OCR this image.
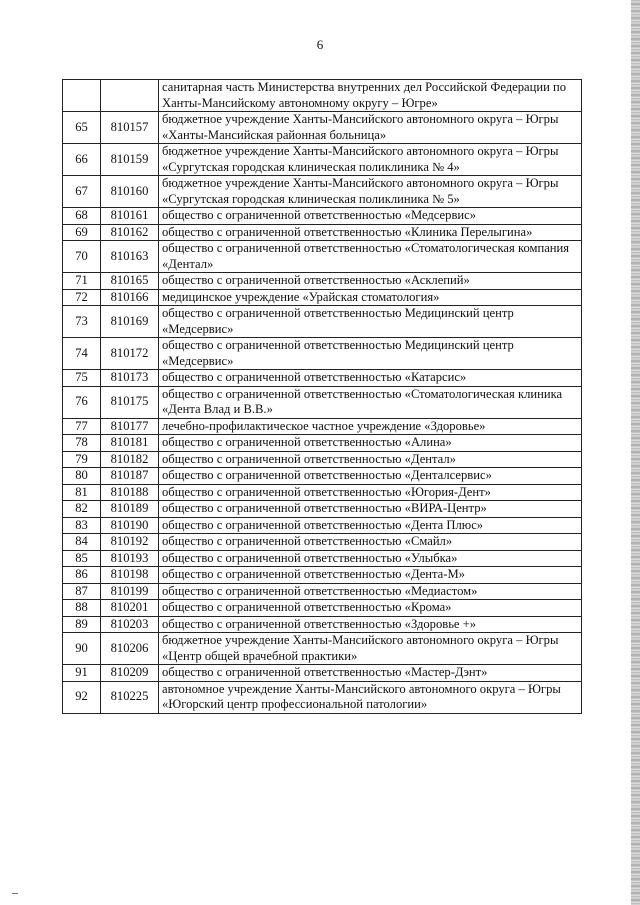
6
		санитарная часть Министерства внутренних дел Российской Федерации по Ханты-Мансийскому автономному округу – Югре»
65	810157	бюджетное учреждение Ханты-Мансийского автономного округа – Югры «Ханты-Мансийская районная больница»
66	810159	бюджетное учреждение Ханты-Мансийского автономного округа – Югры «Сургутская городская клиническая поликлиника № 4»
67	810160	бюджетное учреждение Ханты-Мансийского автономного округа – Югры «Сургутская городская клиническая поликлиника № 5»
68	810161	общество с ограниченной ответственностью «Медсервис»
69	810162	общество с ограниченной ответственностью «Клиника Перелыгина»
70	810163	общество с ограниченной ответственностью «Стоматологическая компания «Дентал»
71	810165	общество с ограниченной ответственностью «Асклепий»
72	810166	медицинское учреждение «Урайская стоматология»
73	810169	общество с ограниченной ответственностью Медицинский центр «Медсервис»
74	810172	общество с ограниченной ответственностью Медицинский центр «Медсервис»
75	810173	общество с ограниченной ответственностью «Катарсис»
76	810175	общество с ограниченной ответственностью «Стоматологическая клиника «Дента Влад и В.В.»
77	810177	лечебно-профилактическое частное учреждение «Здоровье»
78	810181	общество с ограниченной ответственностью «Алина»
79	810182	общество с ограниченной ответственностью «Дентал»
80	810187	общество с ограниченной ответственностью «Денталсервис»
81	810188	общество с ограниченной ответственностью «Югория-Дент»
82	810189	общество с ограниченной ответственностью «ВИРА-Центр»
83	810190	общество с ограниченной ответственностью «Дента Плюс»
84	810192	общество с ограниченной ответственностью «Смайл»
85	810193	общество с ограниченной ответственностью «Улыбка»
86	810198	общество с ограниченной ответственностью «Дента-М»
87	810199	общество с ограниченной ответственностью «Медиастом»
88	810201	общество с ограниченной ответственностью «Крома»
89	810203	общество с ограниченной ответственностью «Здоровье +»
90	810206	бюджетное учреждение Ханты-Мансийского автономного округа – Югры «Центр общей врачебной практики»
91	810209	общество с ограниченной ответственностью «Мастер-Дэнт»
92	810225	автономное учреждение Ханты-Мансийского автономного округа – Югры «Югорский центр профессиональной патологии»
